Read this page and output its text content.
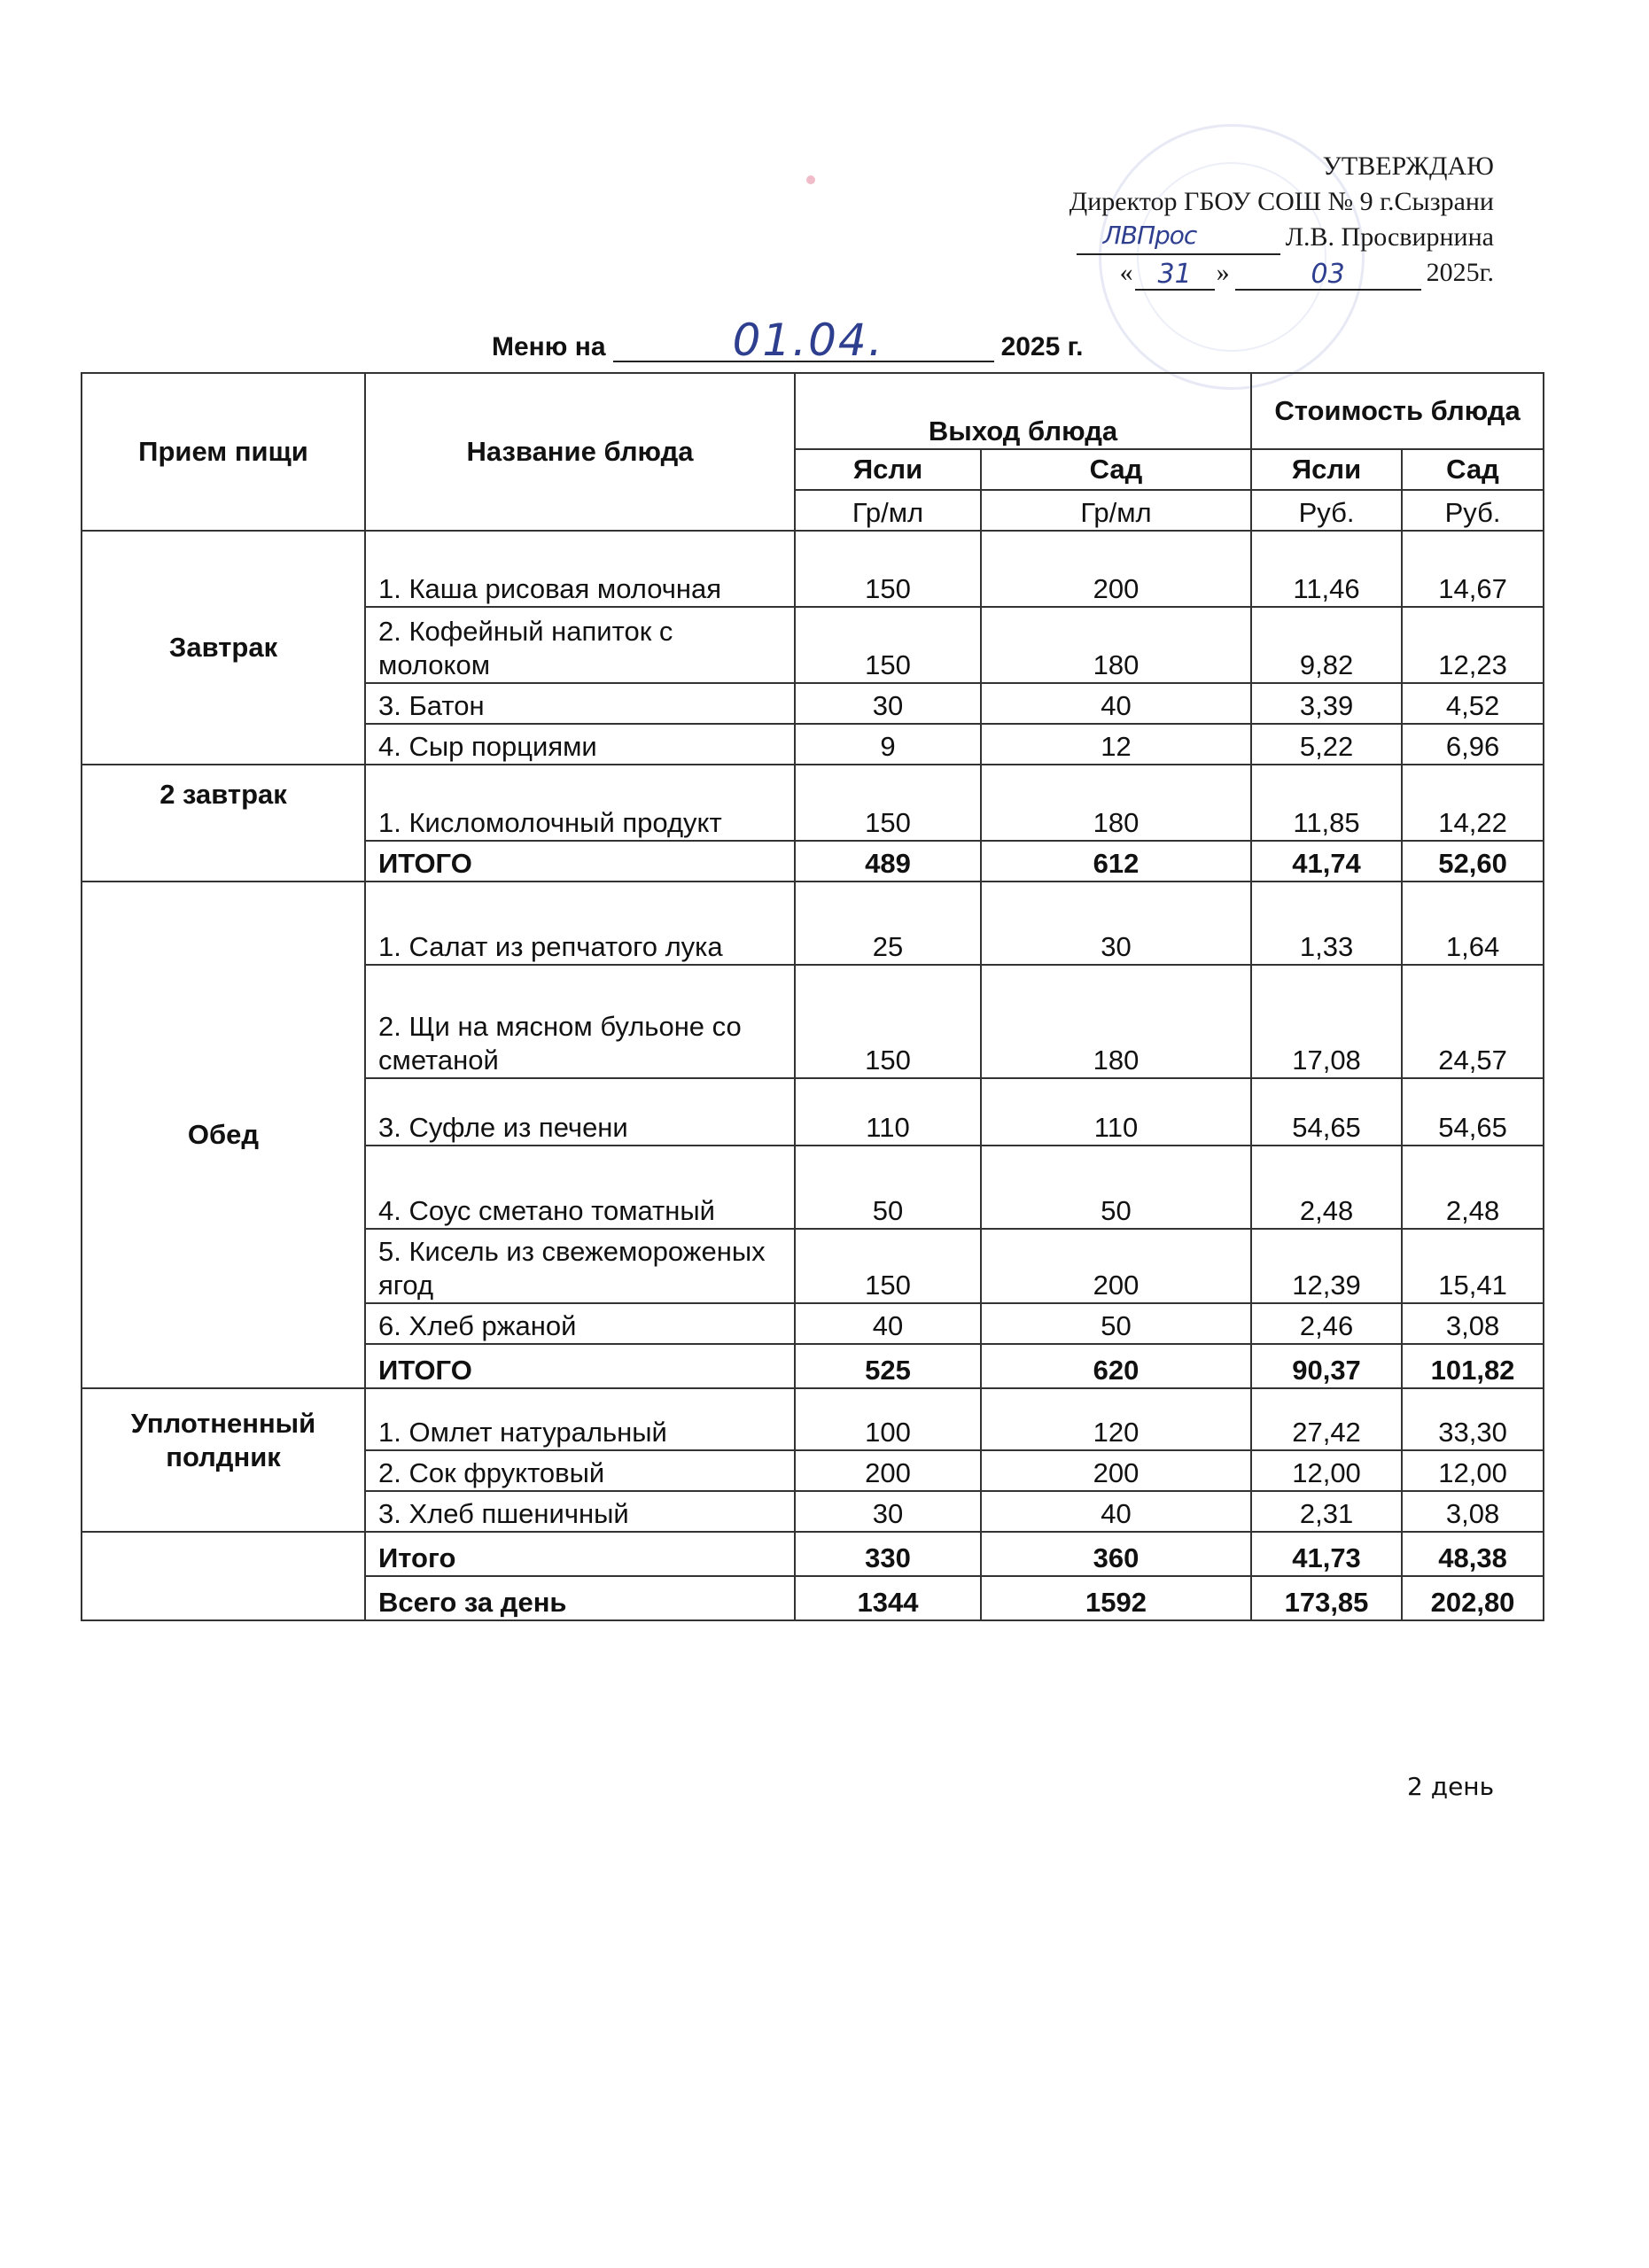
УТВЕРЖДАЮ
Директор ГБОУ СОШ № 9 г.Сызрани
ЛВПрос	Л.В. Просвирнина
« 31 »	03	2025г.
Меню на	01.04.	2025 г.
Прием пищи	Название блюда	Выход блюда		Стоимость блюда	
		Ясли	Сад	Ясли	Сад
		Гр/мл	Гр/мл	Руб.	Руб.
Завтрак	1. Каша рисовая молочная	150	200	11,46	14,67
	2. Кофейный напиток с молоком	150	180	9,82	12,23
	3. Батон	30	40	3,39	4,52
	4. Сыр порциями	9	12	5,22	6,96
2 завтрак	1. Кисломолочный продукт	150	180	11,85	14,22
	ИТОГО	489	612	41,74	52,60
Обед	1. Салат из репчатого лука	25	30	1,33	1,64
	2. Щи на мясном бульоне со сметаной	150	180	17,08	24,57
	3. Суфле из печени	110	110	54,65	54,65
	4. Соус сметано томатный	50	50	2,48	2,48
	5. Кисель из свежемороженых ягод	150	200	12,39	15,41
	6. Хлеб ржаной	40	50	2,46	3,08
	ИТОГО	525	620	90,37	101,82
Уплотненный полдник	1. Омлет натуральный	100	120	27,42	33,30
	2. Сок фруктовый	200	200	12,00	12,00
	3. Хлеб пшеничный	30	40	2,31	3,08
	Итого	330	360	41,73	48,38
	Всего за день	1344	1592	173,85	202,80
2 день
